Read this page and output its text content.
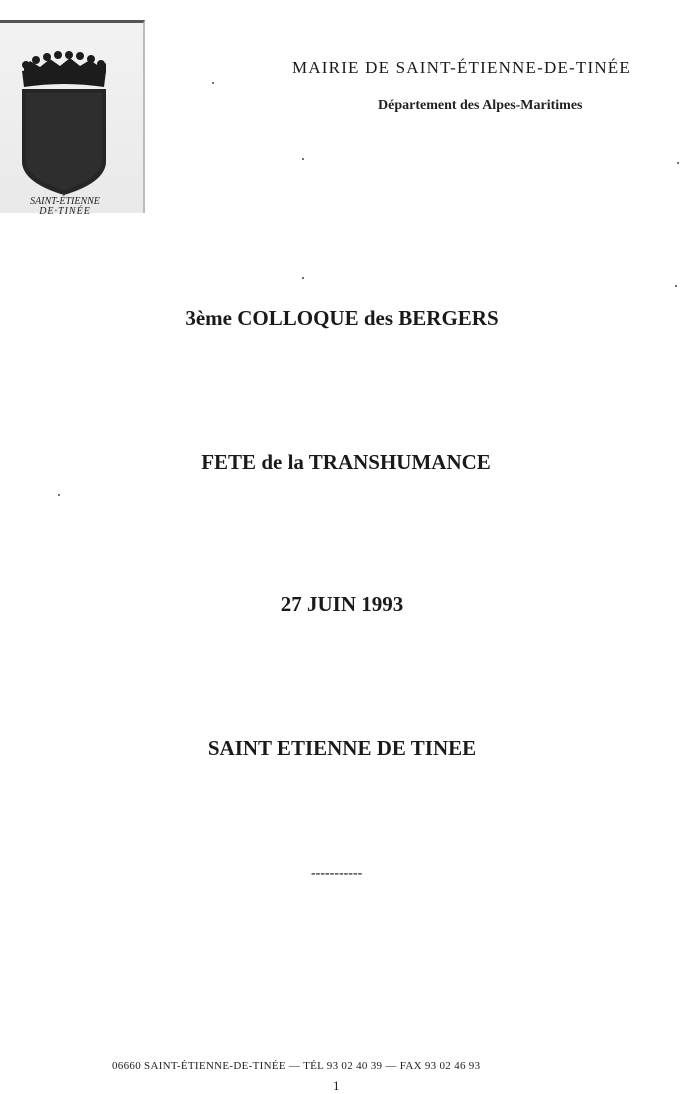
SAINT-ÉTIENNE
DE·TINÉE
MAIRIE DE SAINT-ÉTIENNE-DE-TINÉE
Département des Alpes-Maritimes
3ème COLLOQUE des BERGERS
FETE de la TRANSHUMANCE
27 JUIN 1993
SAINT ETIENNE DE TINEE
-----------
06660 SAINT-ÉTIENNE-DE-TINÉE — TÉL 93 02 40 39 — FAX 93 02 46 93
1
